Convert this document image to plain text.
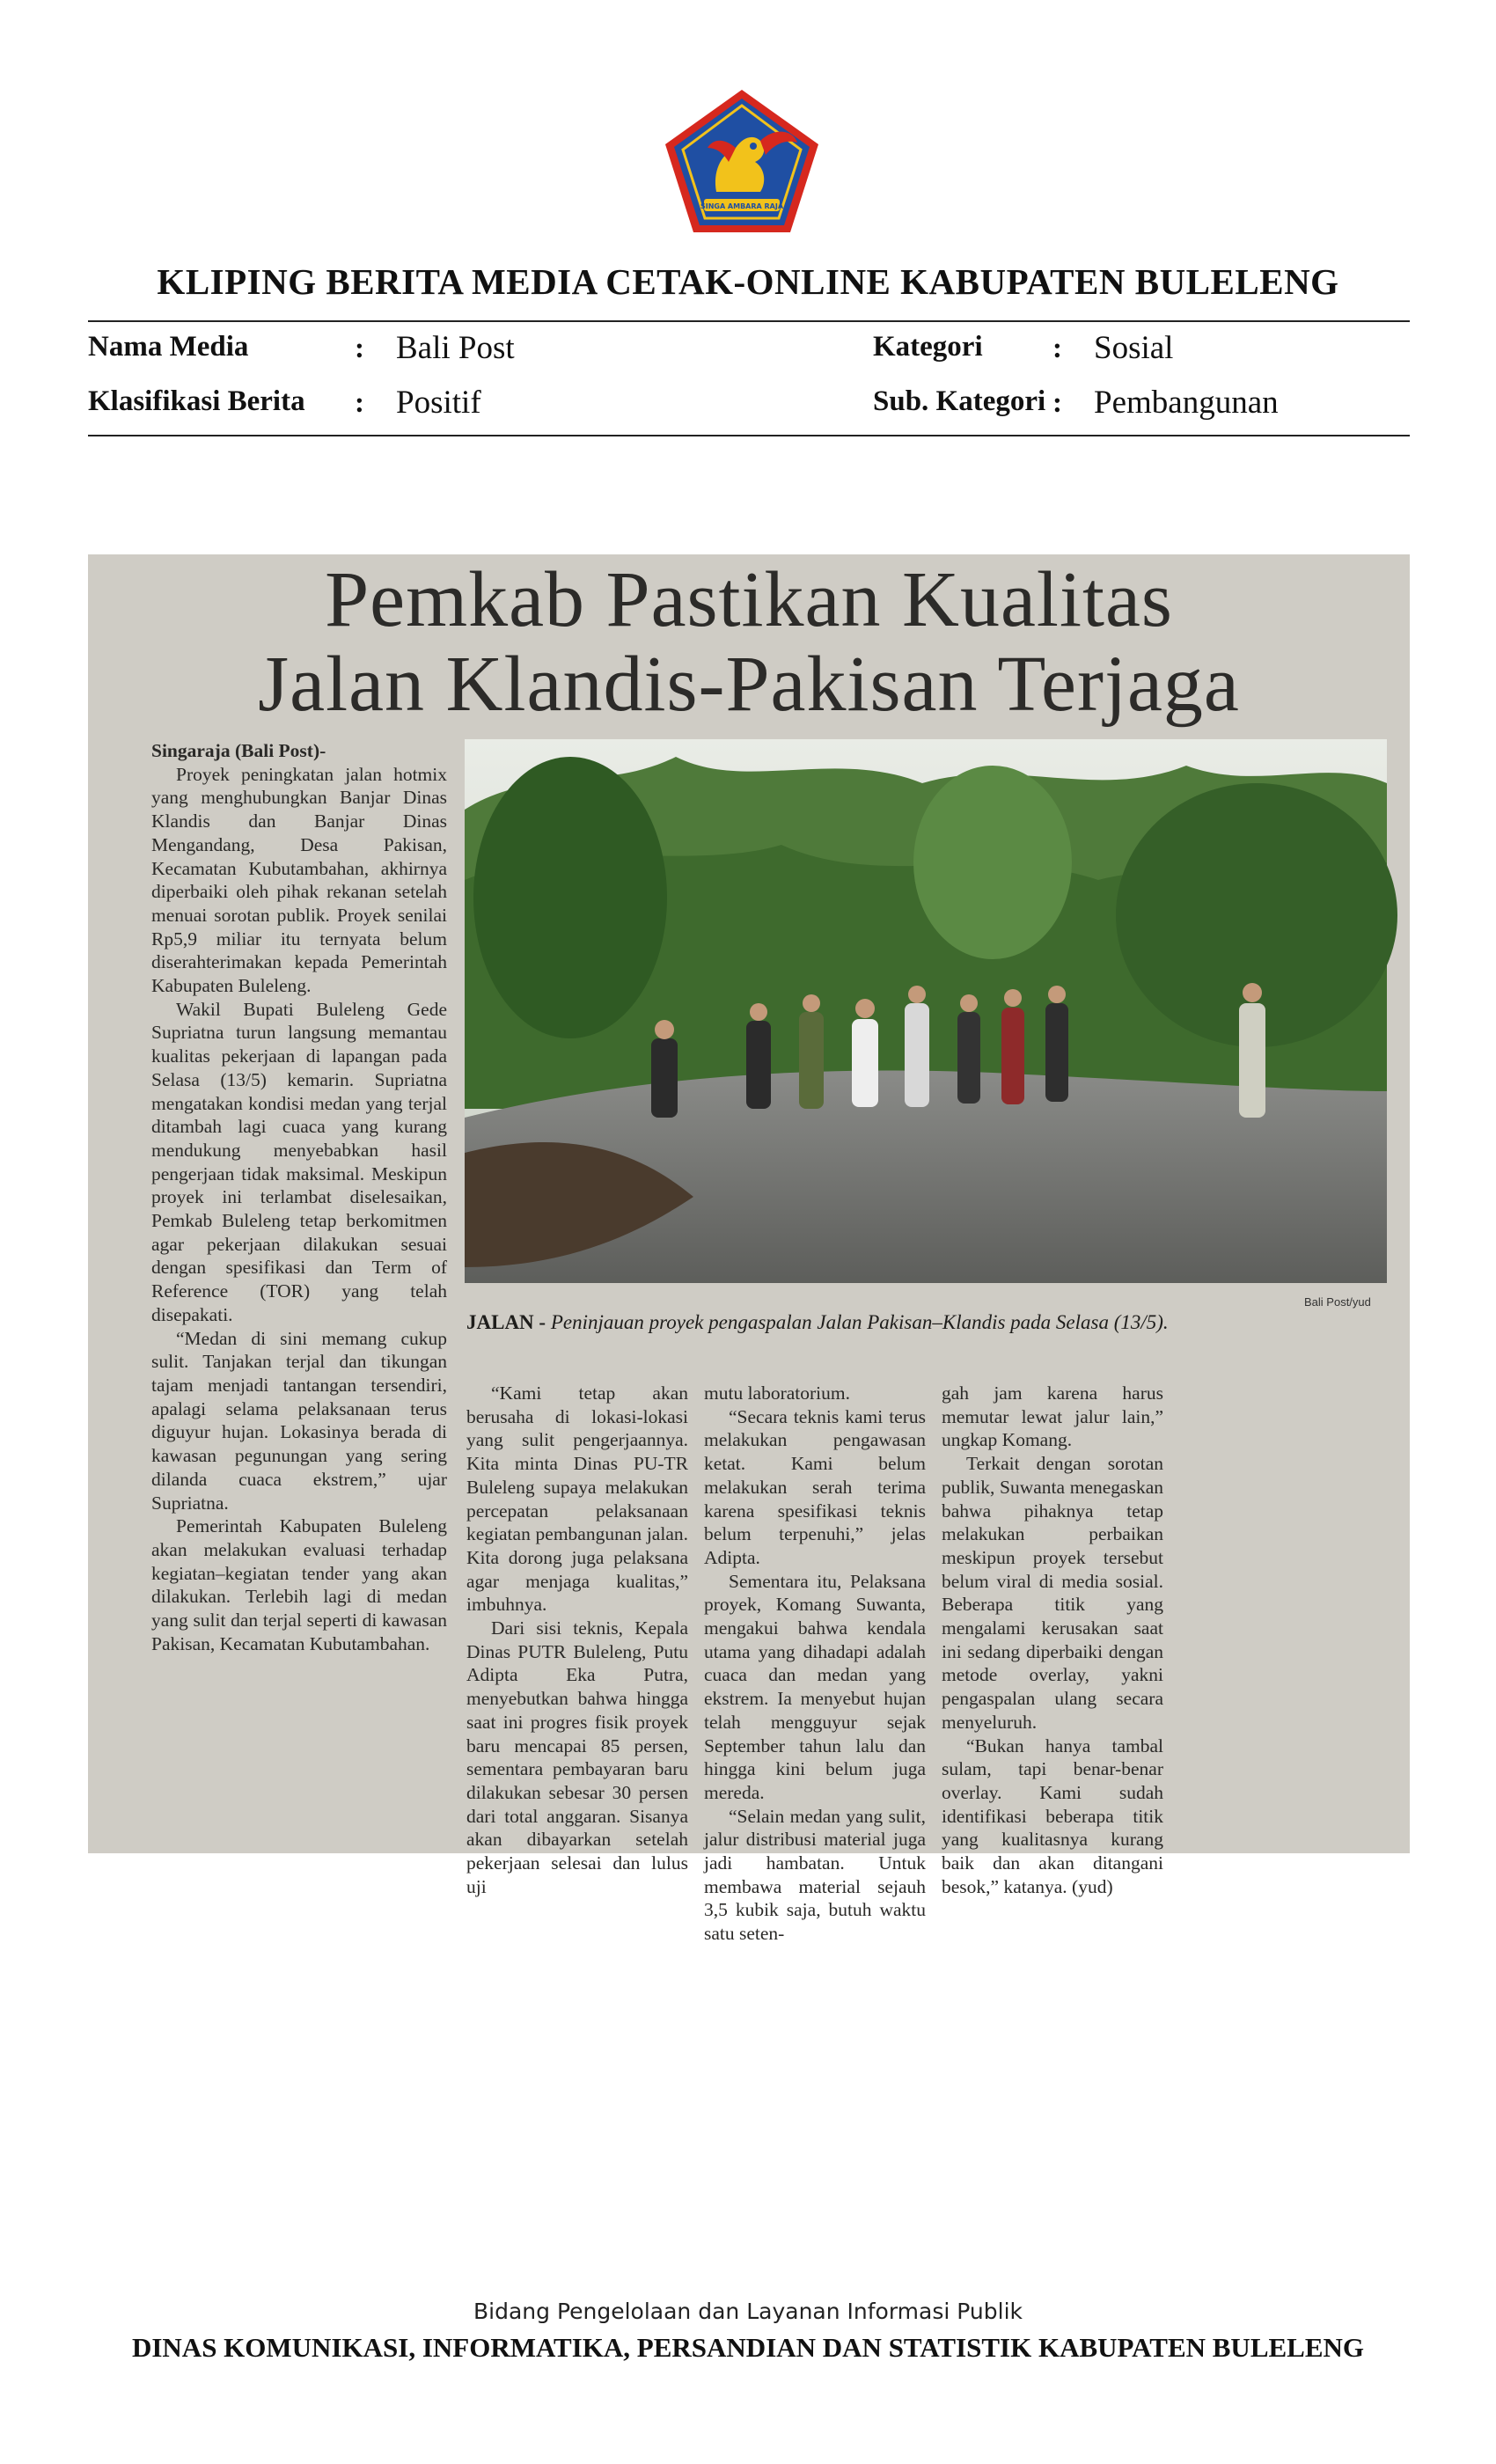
SINGA AMBARA RAJA
KLIPING BERITA MEDIA CETAK-ONLINE KABUPATEN BULELENG
Nama Media	: Bali Post
Klasifikasi Berita : Positif
Kategori : Sosial
Sub. Kategori : Pembangunan
Pemkab Pastikan Kualitas
Jalan Klandis-Pakisan Terjaga

Singaraja (Bali Post)-

Proyek peningkatan jalan hotmix yang menghubungkan Banjar Dinas Klandis dan Banjar Dinas Mengandang, Desa Pakisan, Kecamatan Kubutambahan, akhirnya diperbaiki oleh pihak rekanan setelah menuai sorotan publik. Proyek senilai Rp5,9 miliar itu ternyata belum diserahterimakan kepada Pemerintah Kabupaten Buleleng.

Wakil Bupati Buleleng Gede Supriatna turun langsung memantau kualitas pekerjaan di lapangan pada Selasa (13/5) kemarin. Supriatna mengatakan kondisi medan yang terjal ditambah lagi cuaca yang kurang mendukung menyebabkan hasil pengerjaan tidak maksimal. Meskipun proyek ini terlambat diselesaikan, Pemkab Buleleng tetap berkomitmen agar pekerjaan dilakukan sesuai dengan spesifikasi dan Term of Reference (TOR) yang telah disepakati.

“Medan di sini memang cukup sulit. Tanjakan terjal dan tikungan tajam menjadi tantangan tersendiri, apalagi selama pelaksanaan terus diguyur hujan. Lokasinya berada di kawasan pegunungan yang sering dilanda cuaca ekstrem,” ujar Supriatna.

Pemerintah Kabupaten Buleleng akan melakukan evaluasi terhadap kegiatan–kegiatan tender yang akan dilakukan. Terlebih lagi di medan yang sulit dan terjal seperti di kawasan Pakisan, Kecamatan Kubutambahan.

Bali Post/yud
JALAN - Peninjauan proyek pengaspalan Jalan Pakisan–Klandis pada Selasa (13/5).

“Kami tetap akan berusaha di lokasi-lokasi yang sulit pengerjaannya. Kita minta Dinas PU-TR Buleleng supaya melakukan percepatan pelaksanaan kegiatan pembangunan jalan. Kita dorong juga pelaksana agar menjaga kualitas,” imbuhnya.

Dari sisi teknis, Kepala Dinas PUTR Buleleng, Putu Adipta Eka Putra, menyebutkan bahwa hingga saat ini progres fisik proyek baru mencapai 85 persen, sementara pembayaran baru dilakukan sebesar 30 persen dari total anggaran. Sisanya akan dibayarkan setelah pekerjaan selesai dan lulus uji

mutu laboratorium.

“Secara teknis kami terus melakukan pengawasan ketat. Kami belum melakukan serah terima karena spesifikasi teknis belum terpenuhi,” jelas Adipta.

Sementara itu, Pelaksana proyek, Komang Suwanta, mengakui bahwa kendala utama yang dihadapi adalah cuaca dan medan yang ekstrem. Ia menyebut hujan telah mengguyur sejak September tahun lalu dan hingga kini belum juga mereda.

“Selain medan yang sulit, jalur distribusi material juga jadi hambatan. Untuk membawa material sejauh 3,5 kubik saja, butuh waktu satu seten-

gah jam karena harus memutar lewat jalur lain,” ungkap Komang.

Terkait dengan sorotan publik, Suwanta menegaskan bahwa pihaknya tetap melakukan perbaikan meskipun proyek tersebut belum viral di media sosial. Beberapa titik yang mengalami kerusakan saat ini sedang diperbaiki dengan metode overlay, yakni pengaspalan ulang secara menyeluruh.

“Bukan hanya tambal sulam, tapi benar-benar overlay. Kami sudah identifikasi beberapa titik yang kualitasnya kurang baik dan akan ditangani besok,” katanya. (yud)

Bidang Pengelolaan dan Layanan Informasi Publik
DINAS KOMUNIKASI, INFORMATIKA, PERSANDIAN DAN STATISTIK KABUPATEN BULELENG
